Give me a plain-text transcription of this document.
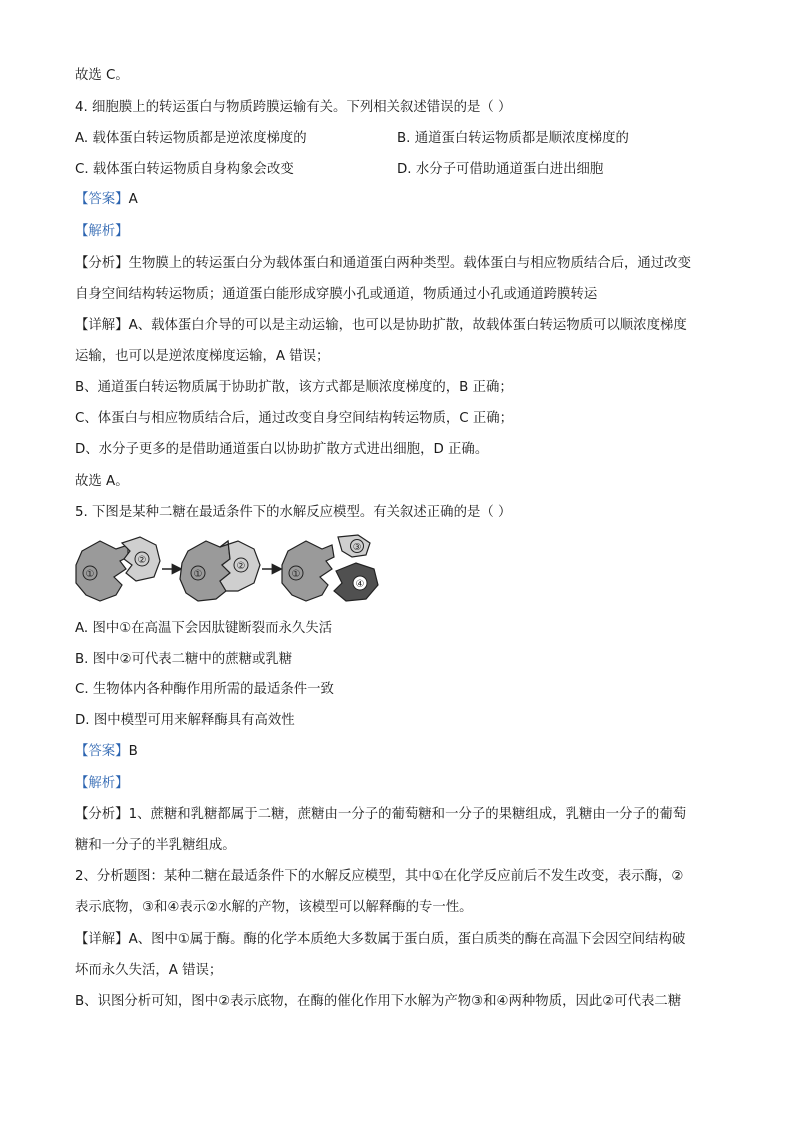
故选 C。
4. 细胞膜上的转运蛋白与物质跨膜运输有关。下列相关叙述错误的是（ ）
A. 载体蛋白转运物质都是逆浓度梯度的	B. 通道蛋白转运物质都是顺浓度梯度的
C. 载体蛋白转运物质自身构象会改变	D. 水分子可借助通道蛋白进出细胞
【答案】A
【解析】
【分析】生物膜上的转运蛋白分为载体蛋白和通道蛋白两种类型。载体蛋白与相应物质结合后，通过改变
自身空间结构转运物质；通道蛋白能形成穿膜小孔或通道，物质通过小孔或通道跨膜转运
【详解】A、载体蛋白介导的可以是主动运输，也可以是协助扩散，故载体蛋白转运物质可以顺浓度梯度
运输，也可以是逆浓度梯度运输，A 错误；
B、通道蛋白转运物质属于协助扩散，该方式都是顺浓度梯度的，B 正确；
C、体蛋白与相应物质结合后，通过改变自身空间结构转运物质，C 正确；
D、水分子更多的是借助通道蛋白以协助扩散方式进出细胞，D 正确。
故选 A。
5. 下图是某种二糖在最适条件下的水解反应模型。有关叙述正确的是（ ）
①
②
①
②
①
③
④
A. 图中①在高温下会因肽键断裂而永久失活
B. 图中②可代表二糖中的蔗糖或乳糖
C. 生物体内各种酶作用所需的最适条件一致
D. 图中模型可用来解释酶具有高效性
【答案】B
【解析】
【分析】1、蔗糖和乳糖都属于二糖，蔗糖由一分子的葡萄糖和一分子的果糖组成，乳糖由一分子的葡萄
糖和一分子的半乳糖组成。
2、分析题图：某种二糖在最适条件下的水解反应模型，其中①在化学反应前后不发生改变，表示酶，②
表示底物，③和④表示②水解的产物，该模型可以解释酶的专一性。
【详解】A、图中①属于酶。酶的化学本质绝大多数属于蛋白质，蛋白质类的酶在高温下会因空间结构破
坏而永久失活，A 错误；
B、识图分析可知，图中②表示底物，在酶的催化作用下水解为产物③和④两种物质，因此②可代表二糖
